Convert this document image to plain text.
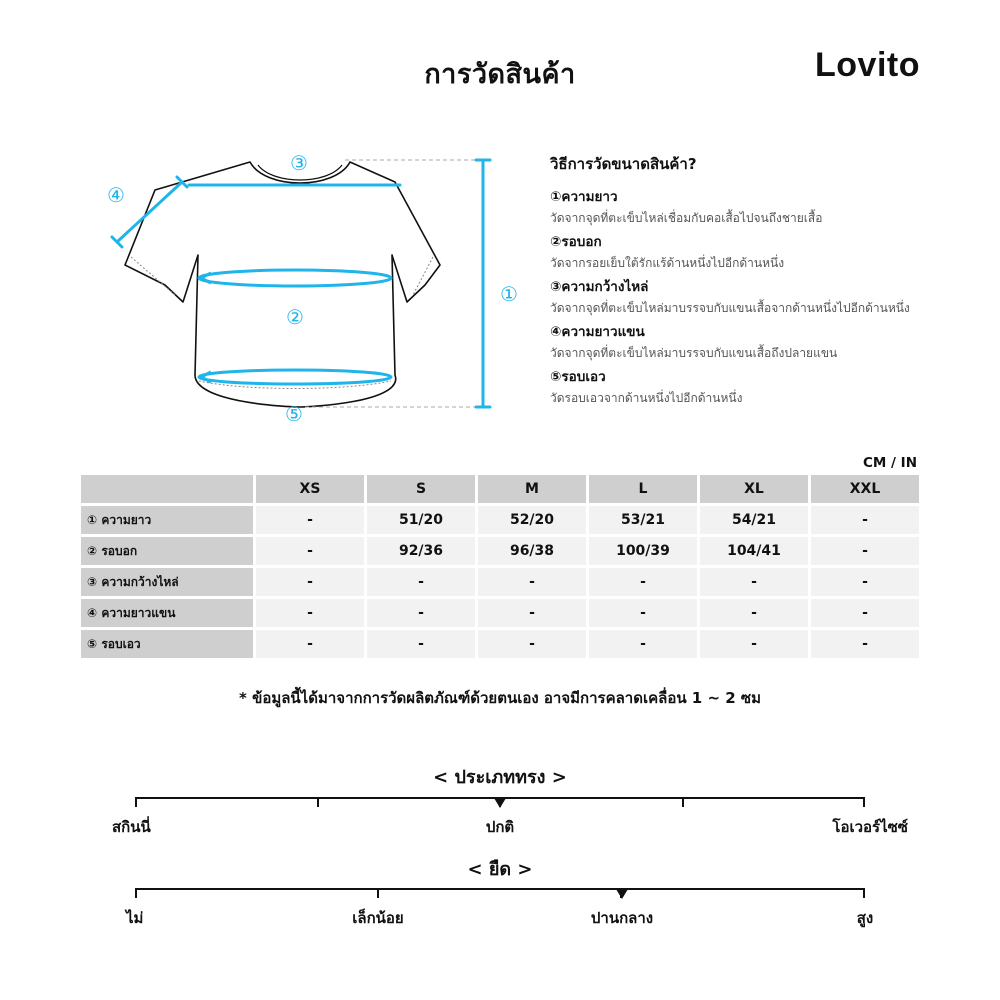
การวัดสินค้า	Lovito
①
②
③
④
⑤
วิธีการวัดขนาดสินค้า?
①ความยาว
วัดจากจุดที่ตะเข็บไหล่เชื่อมกับคอเสื้อไปจนถึงชายเสื้อ
②รอบอก
วัดจากรอยเย็บใต้รักแร้ด้านหนึ่งไปอีกด้านหนึ่ง
③ความกว้างไหล่
วัดจากจุดที่ตะเข็บไหล่มาบรรจบกับแขนเสื้อจากด้านหนึ่งไปอีกด้านหนึ่ง
④ความยาวแขน
วัดจากจุดที่ตะเข็บไหล่มาบรรจบกับแขนเสื้อถึงปลายแขน
⑤รอบเอว
วัดรอบเอวจากด้านหนึ่งไปอีกด้านหนึ่ง
CM / IN
	XS	S	M	L	XL	XXL
① ความยาว	-	51/20	52/20	53/21	54/21	-
② รอบอก	-	92/36	96/38	100/39	104/41	-
③ ความกว้างไหล่	-	-	-	-	-	-
④ ความยาวแขน	-	-	-	-	-	-
⑤ รอบเอว	-	-	-	-	-	-
* ข้อมูลนี้ได้มาจากการวัดผลิตภัณฑ์ด้วยตนเอง อาจมีการคลาดเคลื่อน 1 ~ 2 ซม
< ประเภททรง >
สกินนี่	ปกติ	โอเวอร์ไซซ์
< ยืด >
ไม่	เล็กน้อย	ปานกลาง	สูง
